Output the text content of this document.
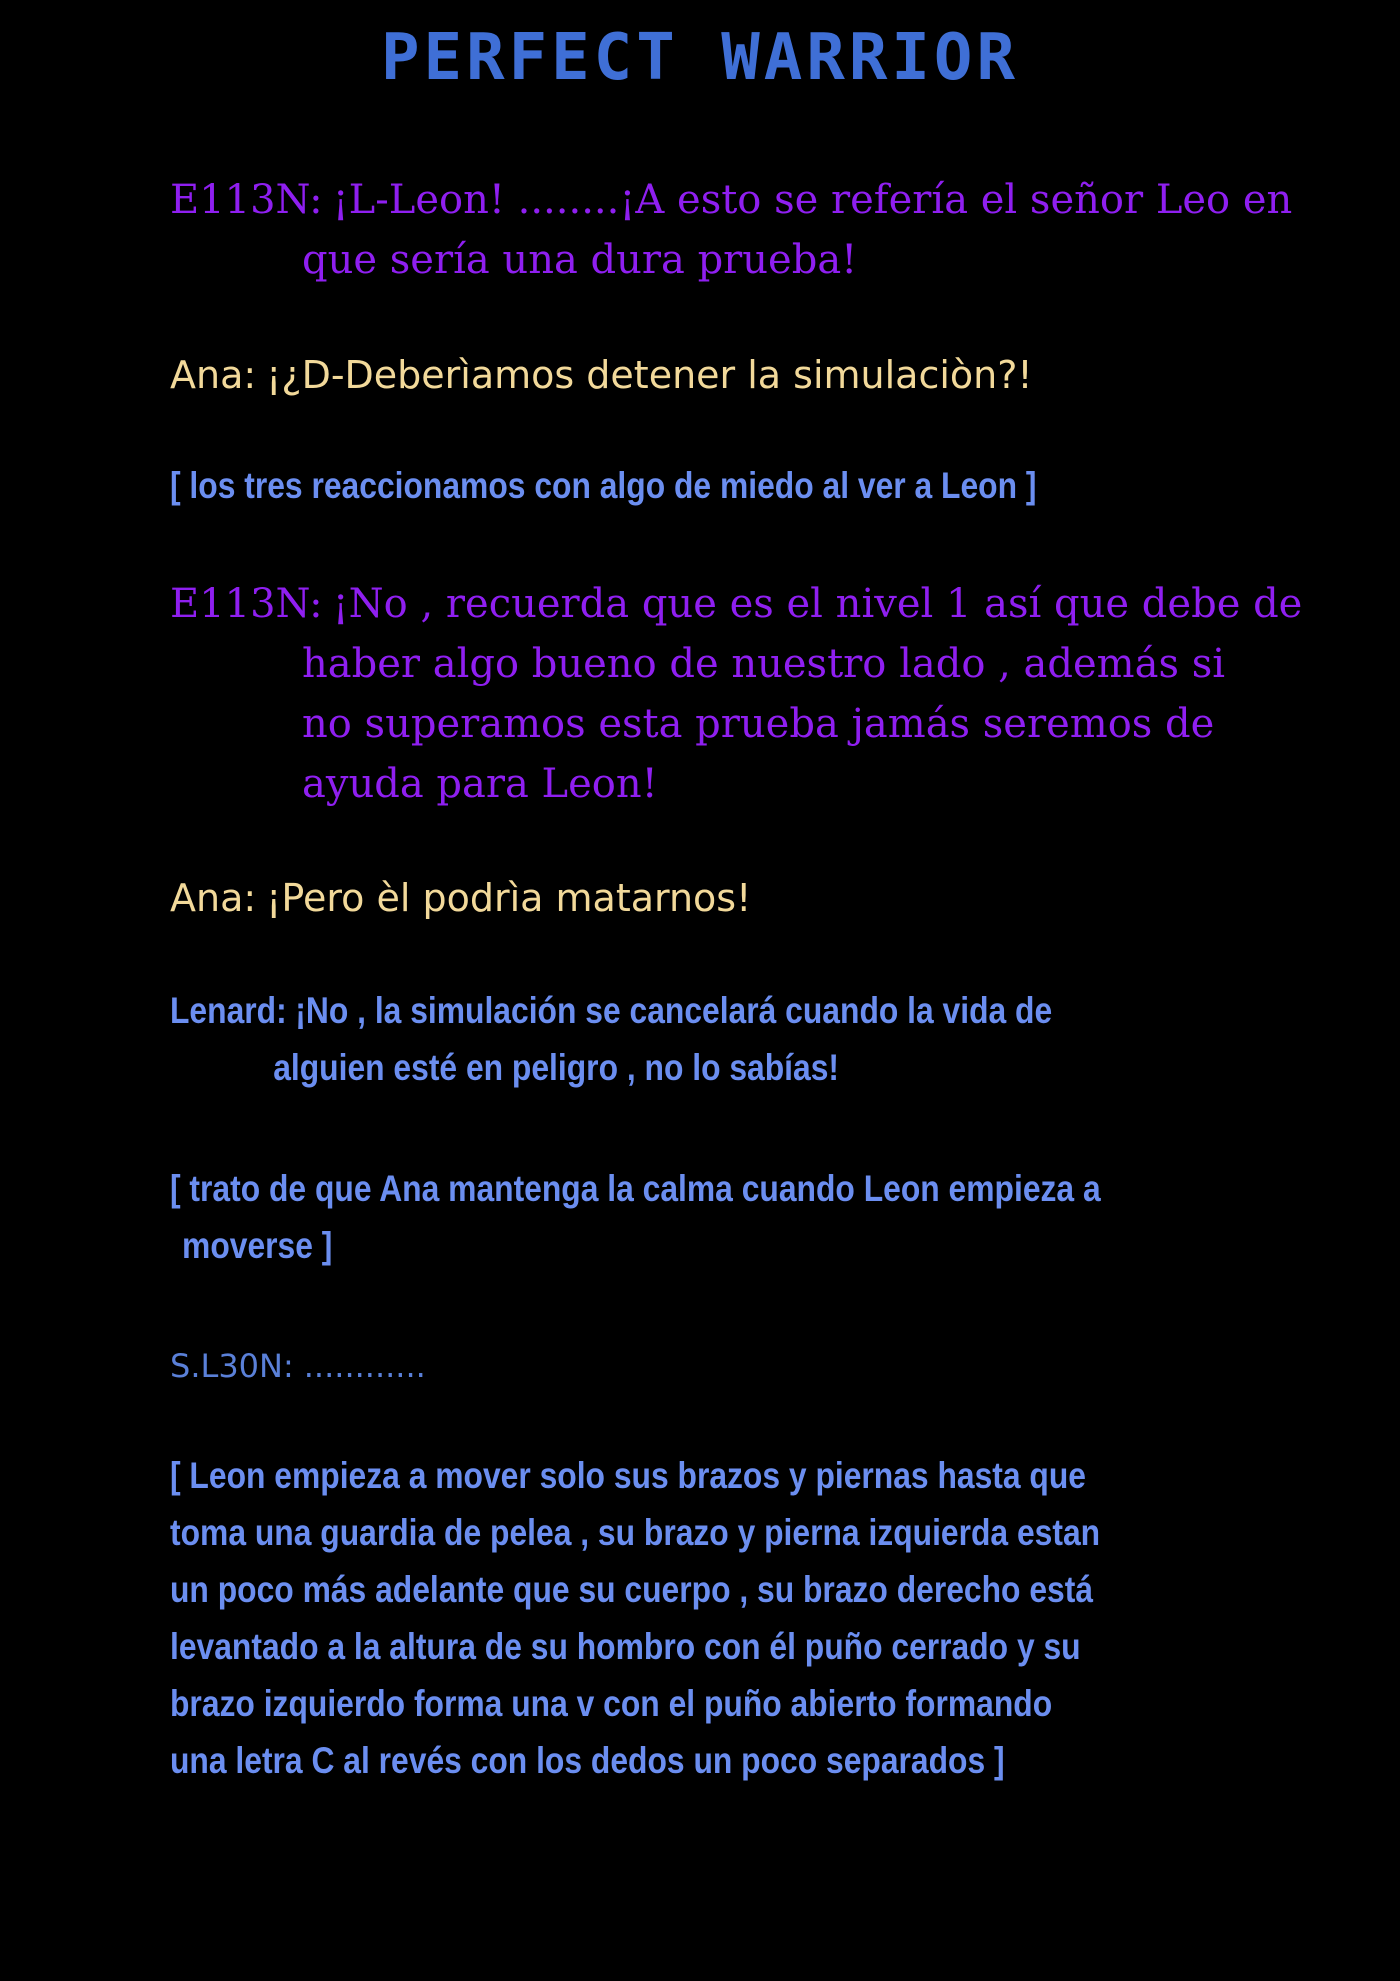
PERFECT WARRIOR
E113N: ¡L-Leon! ........¡A esto se refería el señor Leo en
que sería una dura prueba!
Ana: ¡¿D-Deberìamos detener la simulaciòn?!
[ los tres reaccionamos con algo de miedo al ver a Leon ]
E113N: ¡No , recuerda que es el nivel 1 así que debe de
haber algo bueno de nuestro lado , además si
no superamos esta prueba jamás seremos de
ayuda para Leon!
Ana: ¡Pero èl podrìa matarnos!
Lenard: ¡No , la simulación se cancelará cuando la vida de
alguien esté en peligro , no lo sabías!
[ trato de que Ana mantenga la calma cuando Leon empieza a
moverse ]
S.L30N: ............
[ Leon empieza a mover solo sus brazos y piernas hasta que
toma una guardia de pelea , su brazo y pierna izquierda estan
un poco más adelante que su cuerpo , su brazo derecho está
levantado a la altura de su hombro con él puño cerrado y su
brazo izquierdo forma una v con el puño abierto formando
una letra C al revés con los dedos un poco separados ]
